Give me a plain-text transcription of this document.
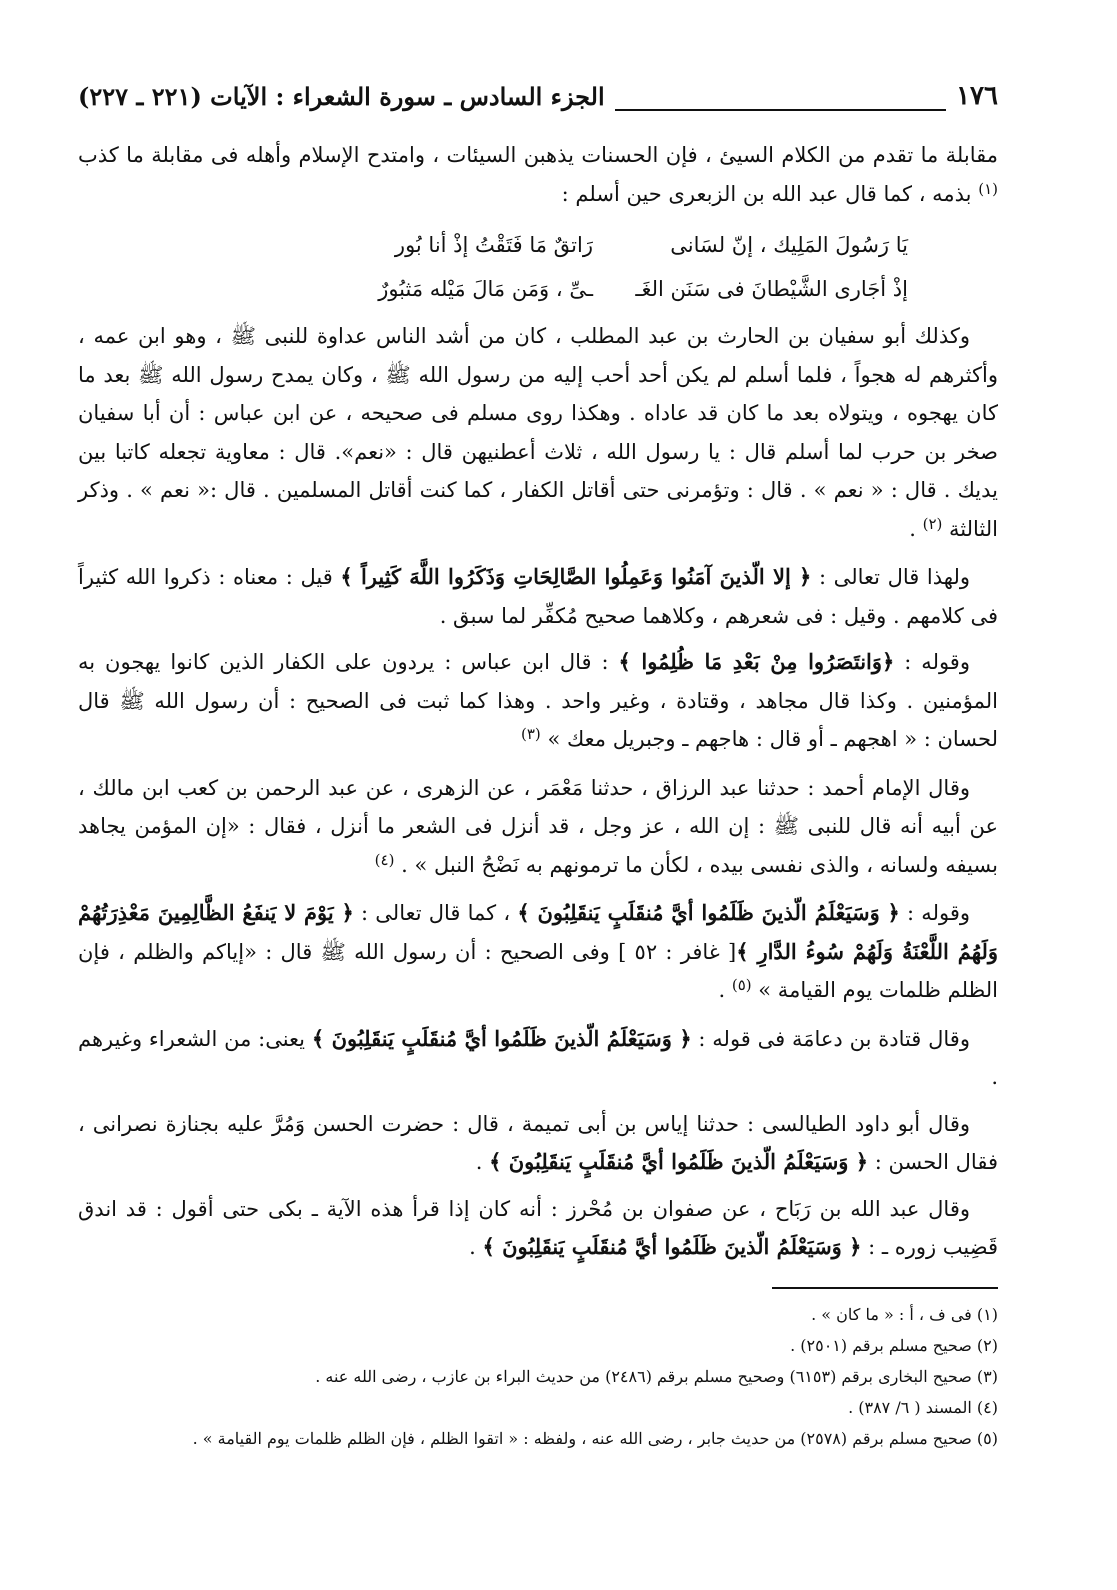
١٧٦
الجزء السادس ـ سورة الشعراء : الآيات (٢٢١ ـ ٢٢٧)

مقابلة ما تقدم من الكلام السيئ ، فإن الحسنات يذهبن السيئات ، وامتدح الإسلام وأهله فى مقابلة ما كذب $^{(١)}$ بذمه ، كما قال عبد الله بن الزبعرى حين أسلم :

يَا رَسُولَ المَلِيك ، إنّ لسَانى
رَاتقٌ مَا فَتَقْتُ إذْ أنا بُور
إذْ أجَارى الشَّيْطانَ فى سَنَن الغَـ
ـىِّ ، وَمَن مَالَ مَيْله مَثبُورٌ

وكذلك أبو سفيان بن الحارث بن عبد المطلب ، كان من أشد الناس عداوة للنبى ﷺ ، وهو ابن عمه ، وأكثرهم له هجواً ، فلما أسلم لم يكن أحد أحب إليه من رسول الله ﷺ ، وكان يمدح رسول الله ﷺ بعد ما كان يهجوه ، ويتولاه بعد ما كان قد عاداه . وهكذا روى مسلم فى صحيحه ، عن ابن عباس : أن أبا سفيان صخر بن حرب لما أسلم قال : يا رسول الله ، ثلاث أعطنيهن قال : «نعم». قال : معاوية تجعله كاتبا بين يديك . قال : « نعم » . قال : وتؤمرنى حتى أقاتل الكفار ، كما كنت أقاتل المسلمين . قال :« نعم » . وذكر الثالثة $^{(٢)}$ .

ولهذا قال تعالى : ﴿ إلا الّذينَ آمَنُوا وَعَمِلُوا الصَّالِحَاتِ وَذَكَرُوا اللَّهَ كَثِيراً ﴾ قيل : معناه : ذكروا الله كثيراً فى كلامهم . وقيل : فى شعرهم ، وكلاهما صحيح مُكفِّر لما سبق .

وقوله : ﴿وَانتَصَرُوا مِنْ بَعْدِ مَا ظُلِمُوا ﴾ : قال ابن عباس : يردون على الكفار الذين كانوا يهجون به المؤمنين . وكذا قال مجاهد ، وقتادة ، وغير واحد . وهذا كما ثبت فى الصحيح : أن رسول الله ﷺ قال لحسان : « اهجهم ـ أو قال : هاجهم ـ وجبريل معك » $^{(٣)}$

وقال الإمام أحمد : حدثنا عبد الرزاق ، حدثنا مَعْمَر ، عن الزهرى ، عن عبد الرحمن بن كعب ابن مالك ، عن أبيه أنه قال للنبى ﷺ : إن الله ، عز وجل ، قد أنزل فى الشعر ما أنزل ، فقال : «إن المؤمن يجاهد بسيفه ولسانه ، والذى نفسى بيده ، لكأن ما ترمونهم به نَضْحُ النبل » . $^{(٤)}$

وقوله : ﴿ وَسَيَعْلَمُ الّذينَ ظَلَمُوا أيَّ مُنقَلَبٍ يَنقَلِبُونَ ﴾ ، كما قال تعالى : ﴿ يَوْمَ لا يَنفَعُ الظَّالِمِينَ مَعْذِرَتُهُمْ وَلَهُمُ اللَّعْنَةُ وَلَهُمْ سُوءُ الدَّارِ ﴾[ غافر : ٥٢ ] وفى الصحيح : أن رسول الله ﷺ قال : «إياكم والظلم ، فإن الظلم ظلمات يوم القيامة » $^{(٥)}$ .

وقال قتادة بن دعامَة فى قوله : ﴿ وَسَيَعْلَمُ الّذينَ ظَلَمُوا أيَّ مُنقَلَبٍ يَنقَلِبُونَ ﴾ يعنى: من الشعراء وغيرهم .

وقال أبو داود الطيالسى : حدثنا إياس بن أبى تميمة ، قال : حضرت الحسن وَمُرَّ عليه بجنازة نصرانى ، فقال الحسن : ﴿ وَسَيَعْلَمُ الّذينَ ظَلَمُوا أيَّ مُنقَلَبٍ يَنقَلِبُونَ ﴾ .

وقال عبد الله بن رَبَاح ، عن صفوان بن مُحْرز : أنه كان إذا قرأ هذه الآية ـ بكى حتى أقول : قد اندق قَضِيب زوره ـ : ﴿ وَسَيَعْلَمُ الّذينَ ظَلَمُوا أيَّ مُنقَلَبٍ يَنقَلِبُونَ ﴾ .

(١) فى ف ، أ : « ما كان » .

(٢) صحيح مسلم برقم (٢٥٠١) .

(٣) صحيح البخارى برقم (٦١٥٣) وصحيح مسلم برقم (٢٤٨٦) من حديث البراء بن عازب ، رضى الله عنه .

(٤) المسند ( ٦/ ٣٨٧) .

(٥) صحيح مسلم برقم (٢٥٧٨) من حديث جابر ، رضى الله عنه ، ولفظه : « اتقوا الظلم ، فإن الظلم ظلمات يوم القيامة » .
